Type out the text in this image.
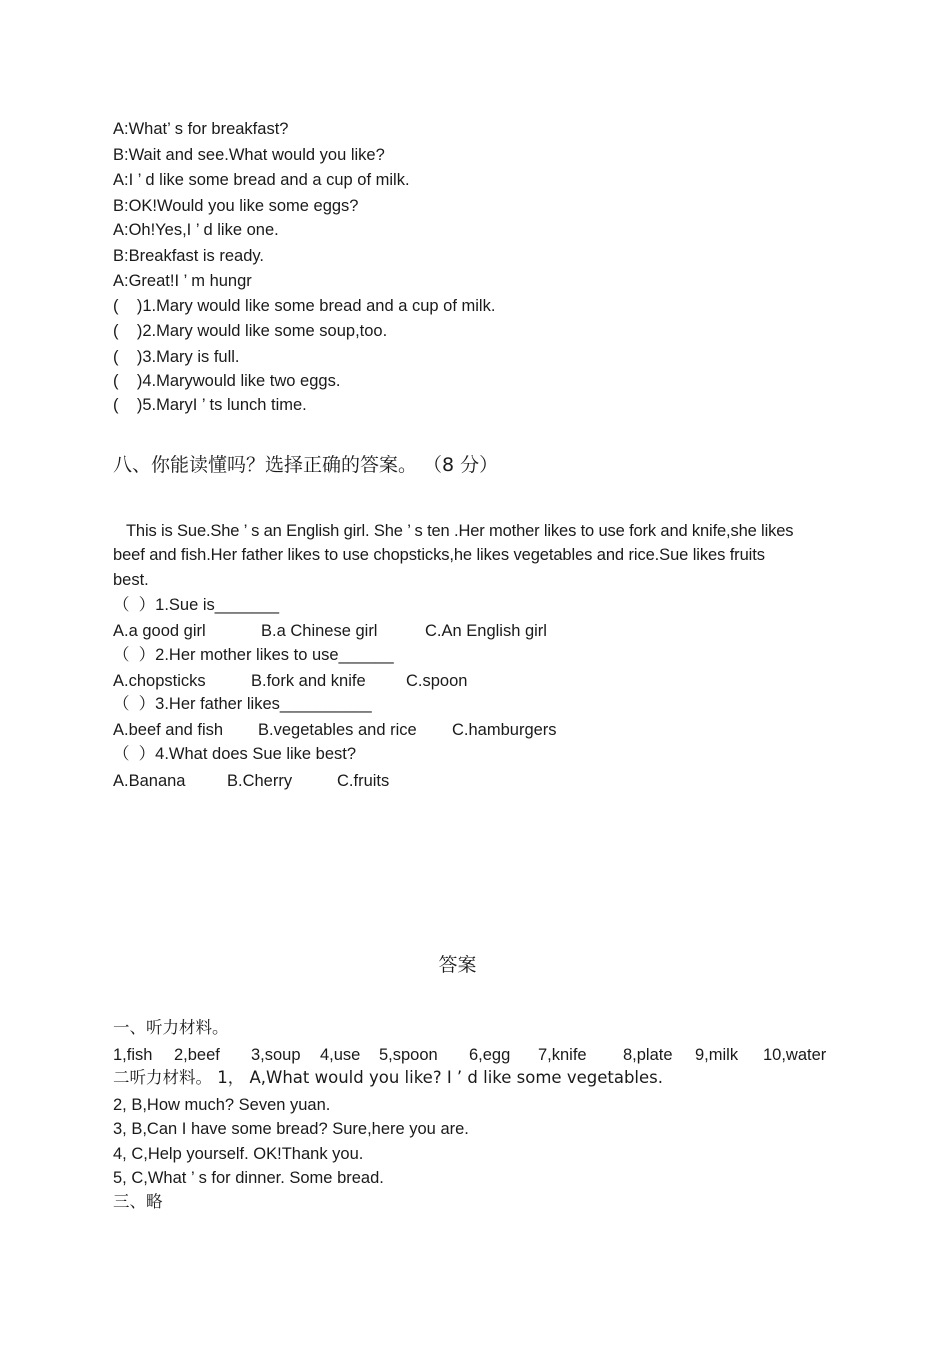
A:What’ s for breakfast?
B:Wait and see.What would you like?
A:I ’ d like some bread and a cup of milk.
B:OK!Would you like some eggs?
A:Oh!Yes,I ’ d like one.
B:Breakfast is ready.
A:Great!I ’ m hungr
(    )1.Mary would like some bread and a cup of milk.
(    )2.Mary would like some soup,too.
(    )3.Mary is full.
(    )4.Marywould like two eggs.
(    )5.MaryI ’ ts lunch time.
八、你能读懂吗？选择正确的答案。 （8 分）
This is Sue.She ’ s an English girl. She ’ s ten .Her mother likes to use fork and knife,she likes
beef and fish.Her father likes to use chopsticks,he likes vegetables and rice.Sue likes fruits
best.
（  ）1.Sue is_______
A.a good girl	B.a Chinese girl	C.An English girl
（  ）2.Her mother likes to use______
A.chopsticks	B.fork and knife	C.spoon
（  ）3.Her father likes__________
A.beef and fish	B.vegetables and rice	C.hamburgers
（  ）4.What does Sue like best?
A.Banana	B.Cherry	C.fruits
答案
一、听力材料。
1,fish	2,beef	3,soup	4,use	5,spoon	6,egg	7,knife	8,plate	9,milk	10,water
二听力材料。 1， A,What would you like? I ’ d like some vegetables.
2, B,How much? Seven yuan.
3, B,Can I have some bread? Sure,here you are.
4, C,Help yourself. OK!Thank you.
5, C,What ’ s for dinner. Some bread.
三、略
